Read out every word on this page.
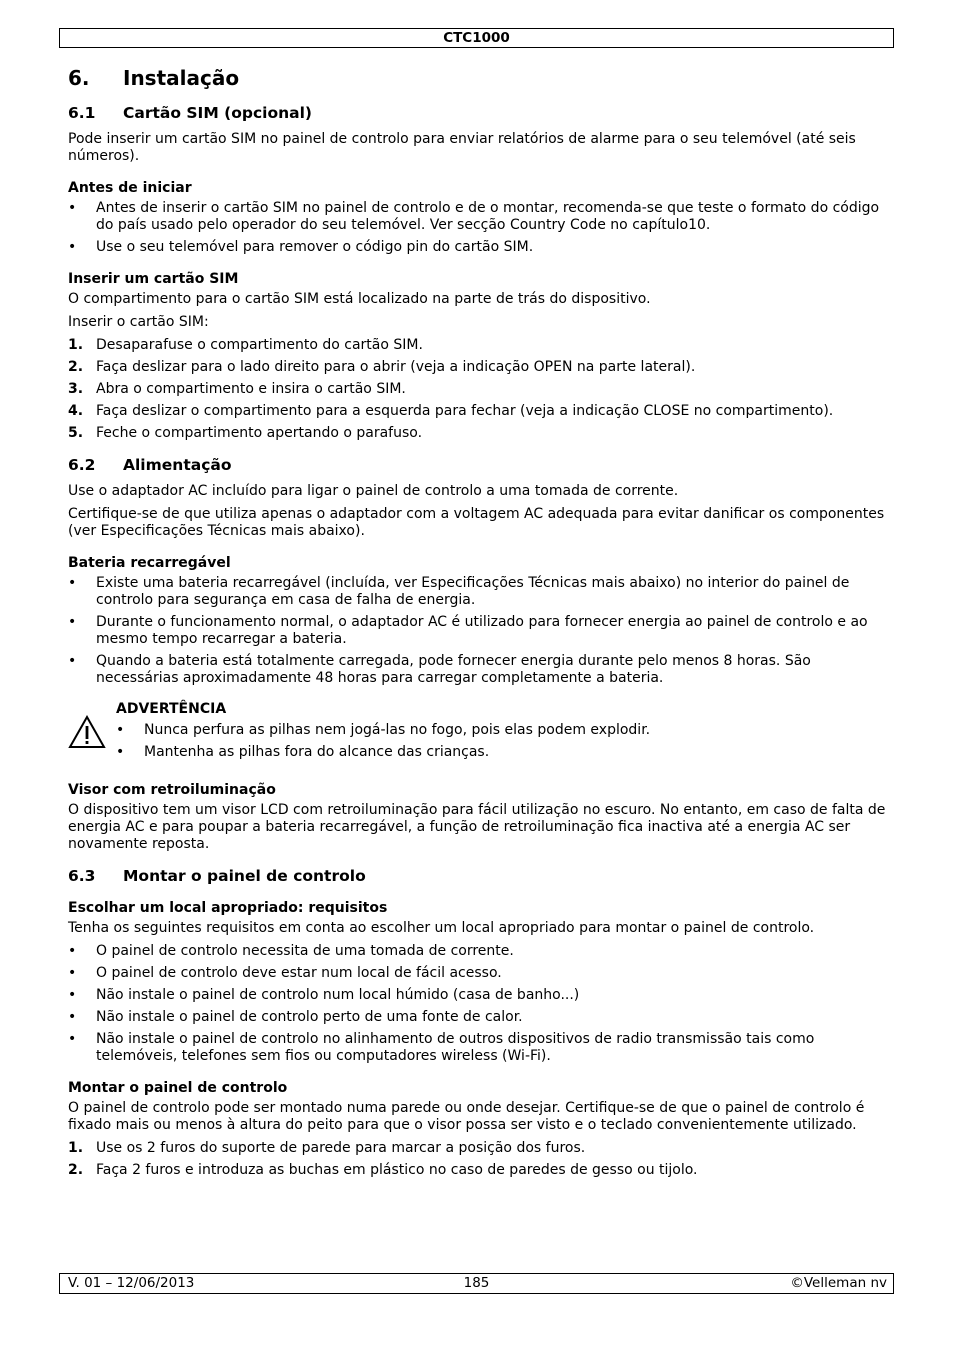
CTC1000
6.	Instalação
6.1	Cartão SIM (opcional)

Pode inserir um cartão SIM no painel de controlo para enviar relatórios de alarme para o seu telemóvel (até seis números).

Antes de iniciar
•	Antes de inserir o cartão SIM no painel de controlo e de o montar, recomenda-se que teste o formato do código do país usado pelo operador do seu telemóvel. Ver secção Country Code no capítulo10.
•	Use o seu telemóvel para remover o código pin do cartão SIM.
Inserir um cartão SIM

O compartimento para o cartão SIM está localizado na parte de trás do dispositivo.

Inserir o cartão SIM:

1. Desaparafuse o compartimento do cartão SIM.
2. Faça deslizar para o lado direito para o abrir (veja a indicação OPEN na parte lateral).
3. Abra o compartimento e insira o cartão SIM.
4. Faça deslizar o compartimento para a esquerda para fechar (veja a indicação CLOSE no compartimento).
5. Feche o compartimento apertando o parafuso.
6.2	Alimentação

Use o adaptador AC incluído para ligar o painel de controlo a uma tomada de corrente.

Certifique-se de que utiliza apenas o adaptador com a voltagem AC adequada para evitar danificar os componentes (ver Especificações Técnicas mais abaixo).

Bateria recarregável
•	Existe uma bateria recarregável (incluída, ver Especificações Técnicas mais abaixo) no interior do painel de controlo para segurança em casa de falha de energia.
•	Durante o funcionamento normal, o adaptador AC é utilizado para fornecer energia ao painel de controlo e ao mesmo tempo recarregar a bateria.
•	Quando a bateria está totalmente carregada, pode fornecer energia durante pelo menos 8 horas. São necessárias aproximadamente 48 horas para carregar completamente a bateria.
ADVERTÊNCIA
•	Nunca perfura as pilhas nem jogá-las no fogo, pois elas podem explodir.
•	Mantenha as pilhas fora do alcance das crianças.
Visor com retroiluminação

O dispositivo tem um visor LCD com retroiluminação para fácil utilização no escuro. No entanto, em caso de falta de energia AC e para poupar a bateria recarregável, a função de retroiluminação fica inactiva até a energia AC ser novamente reposta.

6.3	Montar o painel de controlo
Escolhar um local apropriado: requisitos

Tenha os seguintes requisitos em conta ao escolher um local apropriado para montar o painel de controlo.

•	O painel de controlo necessita de uma tomada de corrente.
•	O painel de controlo deve estar num local de fácil acesso.
•	Não instale o painel de controlo num local húmido (casa de banho...)
•	Não instale o painel de controlo perto de uma fonte de calor.
•	Não instale o painel de controlo no alinhamento de outros dispositivos de radio transmissão tais como telemóveis, telefones sem fios ou computadores wireless (Wi-Fi).
Montar o painel de controlo

O painel de controlo pode ser montado numa parede ou onde desejar. Certifique-se de que o painel de controlo é fixado mais ou menos à altura do peito para que o visor possa ser visto e o teclado convenientemente utilizado.

1. Use os 2 furos do suporte de parede para marcar a posição dos furos.
2. Faça 2 furos e introduza as buchas em plástico no caso de paredes de gesso ou tijolo.
V. 01 – 12/06/2013	185	©Velleman nv
